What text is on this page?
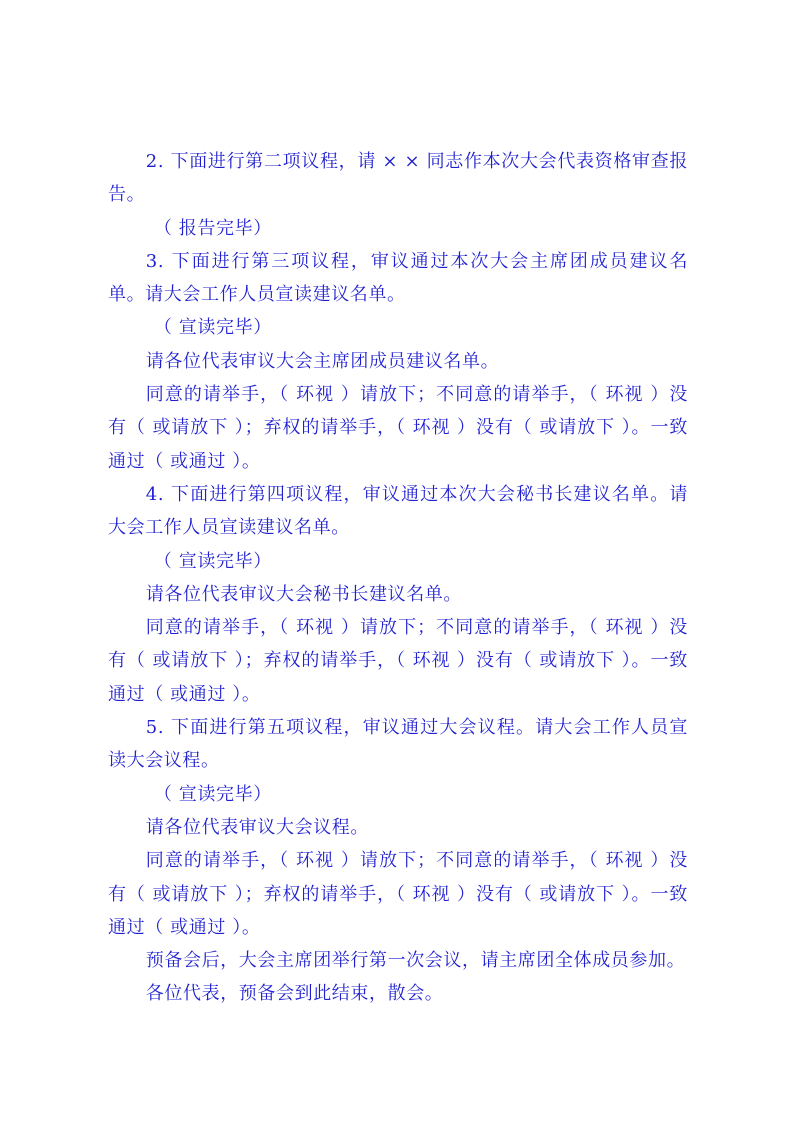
2. 下面进行第二项议程，请 × × 同志作本次大会代表资格审查报告。

（ 报告完毕）

3. 下面进行第三项议程，审议通过本次大会主席团成员建议名单。请大会工作人员宣读建议名单。

（ 宣读完毕）

请各位代表审议大会主席团成员建议名单。

同意的请举手，（ 环视 ）请放下；不同意的请举手，（ 环视 ）没有（ 或请放下 ）；弃权的请举手，（ 环视 ）没有（ 或请放下 ）。一致通过（ 或通过 ）。

4. 下面进行第四项议程，审议通过本次大会秘书长建议名单。请大会工作人员宣读建议名单。

（ 宣读完毕）

请各位代表审议大会秘书长建议名单。

同意的请举手，（ 环视 ）请放下；不同意的请举手，（ 环视 ）没有（ 或请放下 ）；弃权的请举手，（ 环视 ）没有（ 或请放下 ）。一致通过（ 或通过 ）。

5. 下面进行第五项议程，审议通过大会议程。请大会工作人员宣读大会议程。

（ 宣读完毕）

请各位代表审议大会议程。

同意的请举手，（ 环视 ）请放下；不同意的请举手，（ 环视 ）没有（ 或请放下 ）；弃权的请举手，（ 环视 ）没有（ 或请放下 ）。一致通过（ 或通过 ）。

预备会后，大会主席团举行第一次会议，请主席团全体成员参加。

各位代表，预备会到此结束，散会。
